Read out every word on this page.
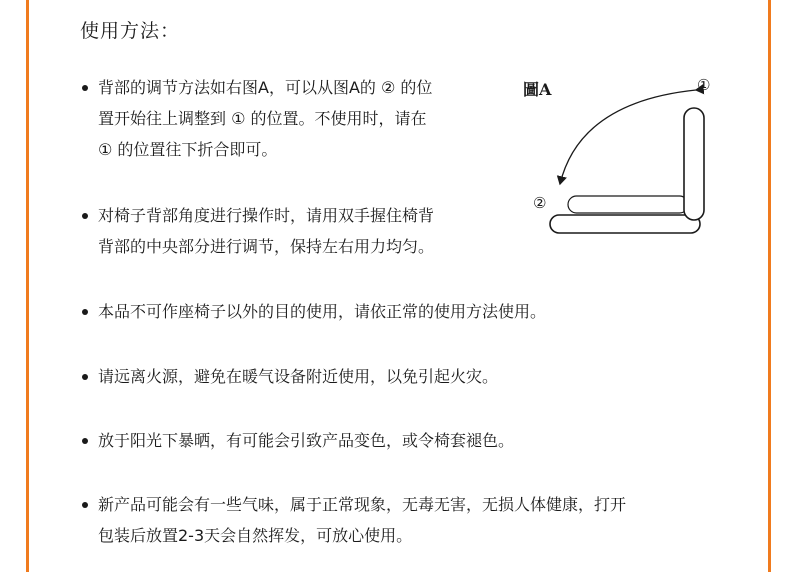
使用方法：
背部的调节方法如右图A，可以从图A的 ② 的位
置开始往上调整到 ① 的位置。不使用时，请在
① 的位置往下折合即可。
对椅子背部角度进行操作时，请用双手握住椅背
背部的中央部分进行调节，保持左右用力均匀。
本品不可作座椅子以外的目的使用，请依正常的使用方法使用。
请远离火源，避免在暖气设备附近使用，以免引起火灾。
放于阳光下暴晒，有可能会引致产品变色，或令椅套褪色。
新产品可能会有一些气味，属于正常现象，无毒无害，无损人体健康，打开
包装后放置2-3天会自然挥发，可放心使用。
圖A	①
②
